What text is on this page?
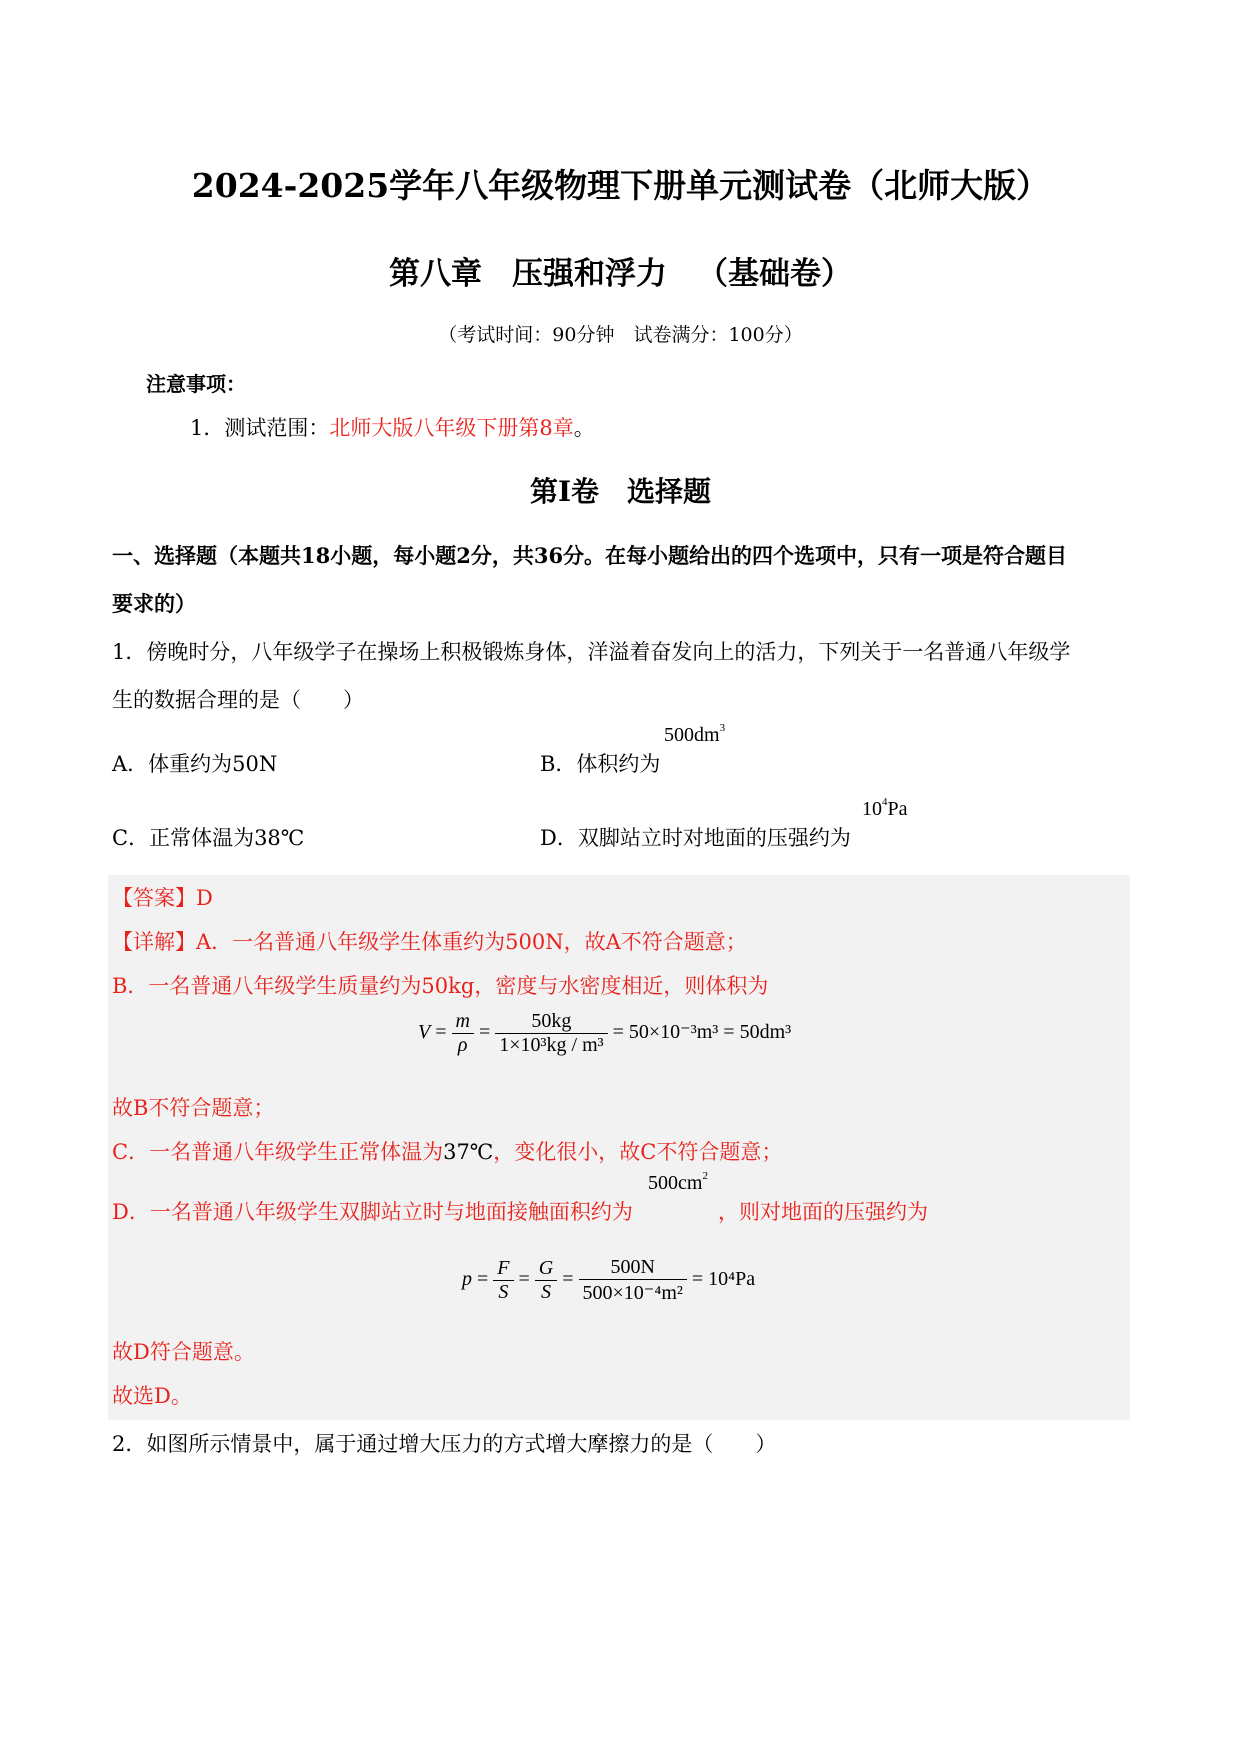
2024-2025学年八年级物理下册单元测试卷（北师大版）
第八章 压强和浮力 （基础卷）
（考试时间：90分钟　试卷满分：100分）
注意事项：
1．测试范围：北师大版八年级下册第8章。
第Ⅰ卷　选择题
一、选择题（本题共18小题，每小题2分，共36分。在每小题给出的四个选项中，只有一项是符合题目
要求的）
1．傍晚时分，八年级学子在操场上积极锻炼身体，洋溢着奋发向上的活力，下列关于一名普通八年级学
生的数据合理的是（　　）
A．体重约为50N	B．体积约为
$500dm^3$
C．正常体温为38℃	D．双脚站立时对地面的压强约为
$10^4Pa$
【答案】D
【详解】A．一名普通八年级学生体重约为500N，故A不符合题意；
B．一名普通八年级学生质量约为50kg，密度与水密度相近，则体积为
$V = \frac{m}{\rho} = \frac{50kg}{\text{1×10³kg / m³}} = 50\times 10^{-3}m^3 = 50dm^3$
故B不符合题意；
C．一名普通八年级学生正常体温为37℃，变化很小，故C不符合题意；
D．一名普通八年级学生双脚站立时与地面接触面积约为
$500cm^2$
，则对地面的压强约为
$p = \frac{F}{S} = \frac{G}{S} = \frac{500N}{\text{500×10⁻⁴m²}} = 10^4Pa$
故D符合题意。
故选D。
2．如图所示情景中，属于通过增大压力的方式增大摩擦力的是（　　）
